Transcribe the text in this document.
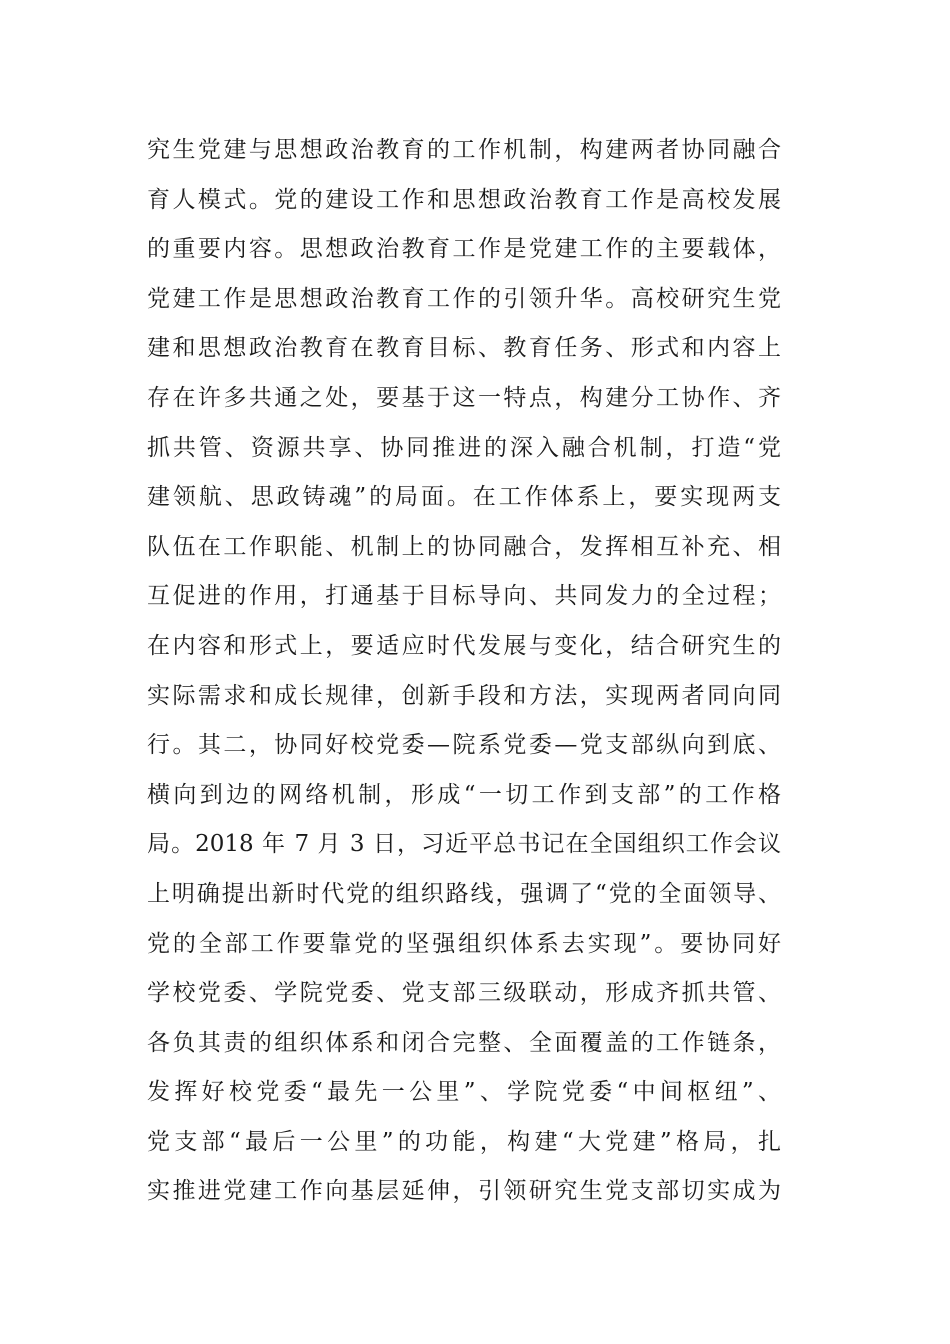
究生党建与思想政治教育的工作机制，构建两者协同融合
育人模式。党的建设工作和思想政治教育工作是高校发展
的重要内容。思想政治教育工作是党建工作的主要载体，
党建工作是思想政治教育工作的引领升华。高校研究生党
建和思想政治教育在教育目标、教育任务、形式和内容上
存在许多共通之处，要基于这一特点，构建分工协作、齐
抓共管、资源共享、协同推进的深入融合机制，打造“党
建领航、思政铸魂”的局面。在工作体系上，要实现两支
队伍在工作职能、机制上的协同融合，发挥相互补充、相
互促进的作用，打通基于目标导向、共同发力的全过程；
在内容和形式上，要适应时代发展与变化，结合研究生的
实际需求和成长规律，创新手段和方法，实现两者同向同
行。其二，协同好校党委—院系党委—党支部纵向到底、
横向到边的网络机制，形成“一切工作到支部”的工作格
局。2018 年 7 月 3 日，习近平总书记在全国组织工作会议
上明确提出新时代党的组织路线，强调了“党的全面领导、
党的全部工作要靠党的坚强组织体系去实现”。要协同好
学校党委、学院党委、党支部三级联动，形成齐抓共管、
各负其责的组织体系和闭合完整、全面覆盖的工作链条，
发挥好校党委“最先一公里”、学院党委“中间枢纽”、
党支部“最后一公里”的功能，构建“大党建”格局，扎
实推进党建工作向基层延伸，引领研究生党支部切实成为
